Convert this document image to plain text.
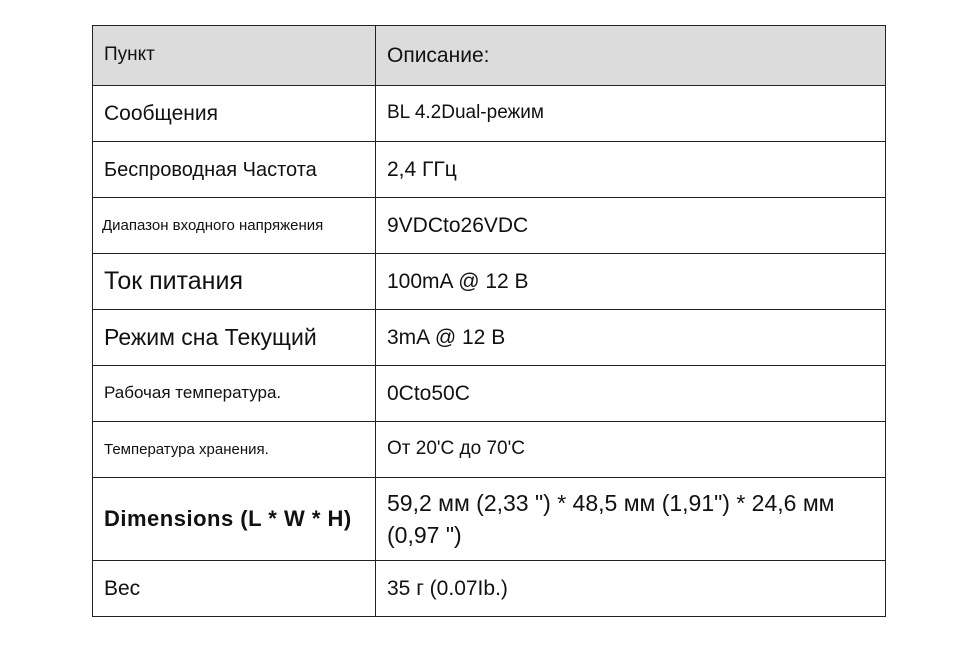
Пункт	Описание:

Сообщения	BL 4.2Dual-режим

Беспроводная Частота	2,4 ГГц

Диапазон входного напряжения	9VDCto26VDC

Ток питания	100mA @ 12 В

Режим сна Текущий	3mA @ 12 В

Рабочая температура.	0Cto50C

Температура хранения.	От 20'C до 70'C

Dimensions (L * W * H)	59,2 мм (2,33 ") * 48,5 мм (1,91") * 24,6 мм (0,97 ")

Вес	35 г (0.07Ib.)
